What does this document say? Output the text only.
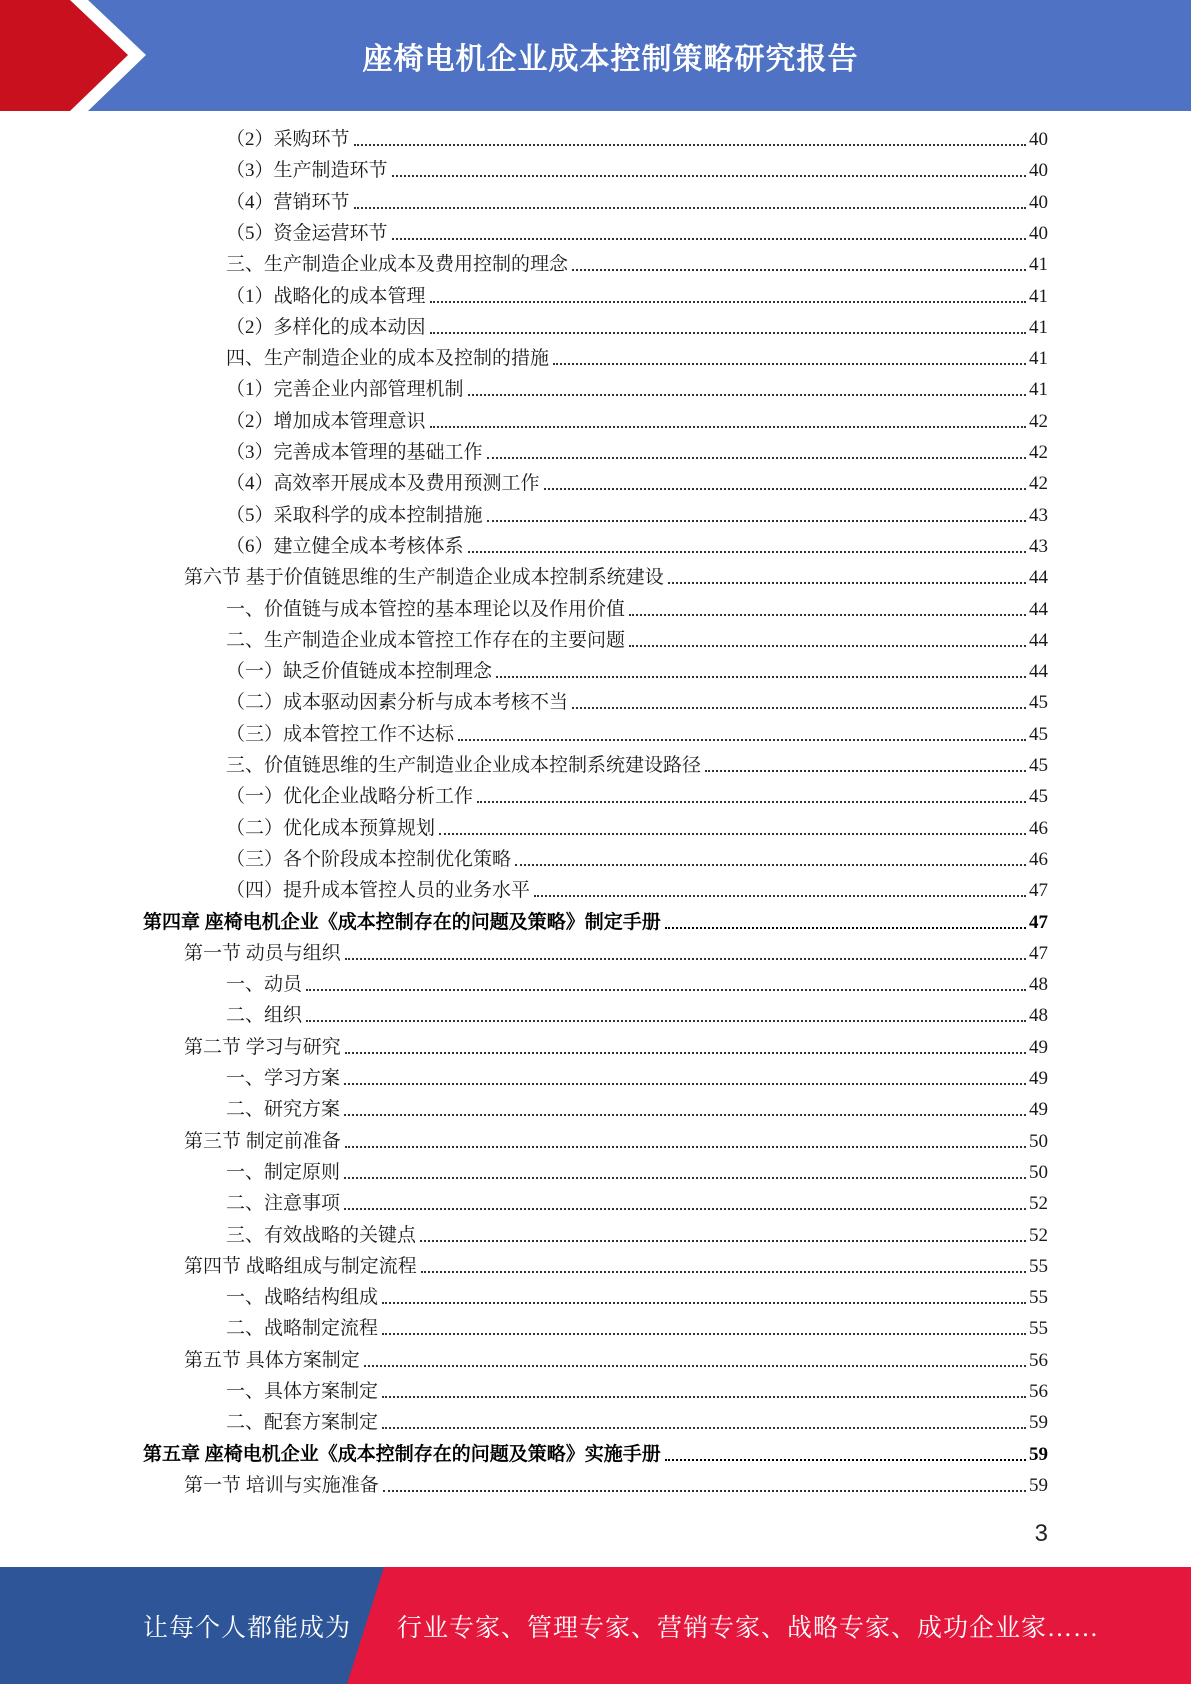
座椅电机企业成本控制策略研究报告
（2）采购环节	40
（3）生产制造环节	40
（4）营销环节	40
（5）资金运营环节	40
三、生产制造企业成本及费用控制的理念	41
（1）战略化的成本管理	41
（2）多样化的成本动因	41
四、生产制造企业的成本及控制的措施	41
（1）完善企业内部管理机制	41
（2）增加成本管理意识	42
（3）完善成本管理的基础工作	42
（4）高效率开展成本及费用预测工作	42
（5）采取科学的成本控制措施	43
（6）建立健全成本考核体系	43
第六节 基于价值链思维的生产制造企业成本控制系统建设	44
一、价值链与成本管控的基本理论以及作用价值	44
二、生产制造企业成本管控工作存在的主要问题	44
（一）缺乏价值链成本控制理念	44
（二）成本驱动因素分析与成本考核不当	45
（三）成本管控工作不达标	45
三、价值链思维的生产制造业企业成本控制系统建设路径	45
（一）优化企业战略分析工作	45
（二）优化成本预算规划	46
（三）各个阶段成本控制优化策略	46
（四）提升成本管控人员的业务水平	47
第四章 座椅电机企业《成本控制存在的问题及策略》制定手册	47
第一节 动员与组织	47
一、动员	48
二、组织	48
第二节 学习与研究	49
一、学习方案	49
二、研究方案	49
第三节 制定前准备	50
一、制定原则	50
二、注意事项	52
三、有效战略的关键点	52
第四节 战略组成与制定流程	55
一、战略结构组成	55
二、战略制定流程	55
第五节 具体方案制定	56
一、具体方案制定	56
二、配套方案制定	59
第五章 座椅电机企业《成本控制存在的问题及策略》实施手册	59
第一节 培训与实施准备	59
3
让每个人都能成为 行业专家、管理专家、营销专家、战略专家、成功企业家……
